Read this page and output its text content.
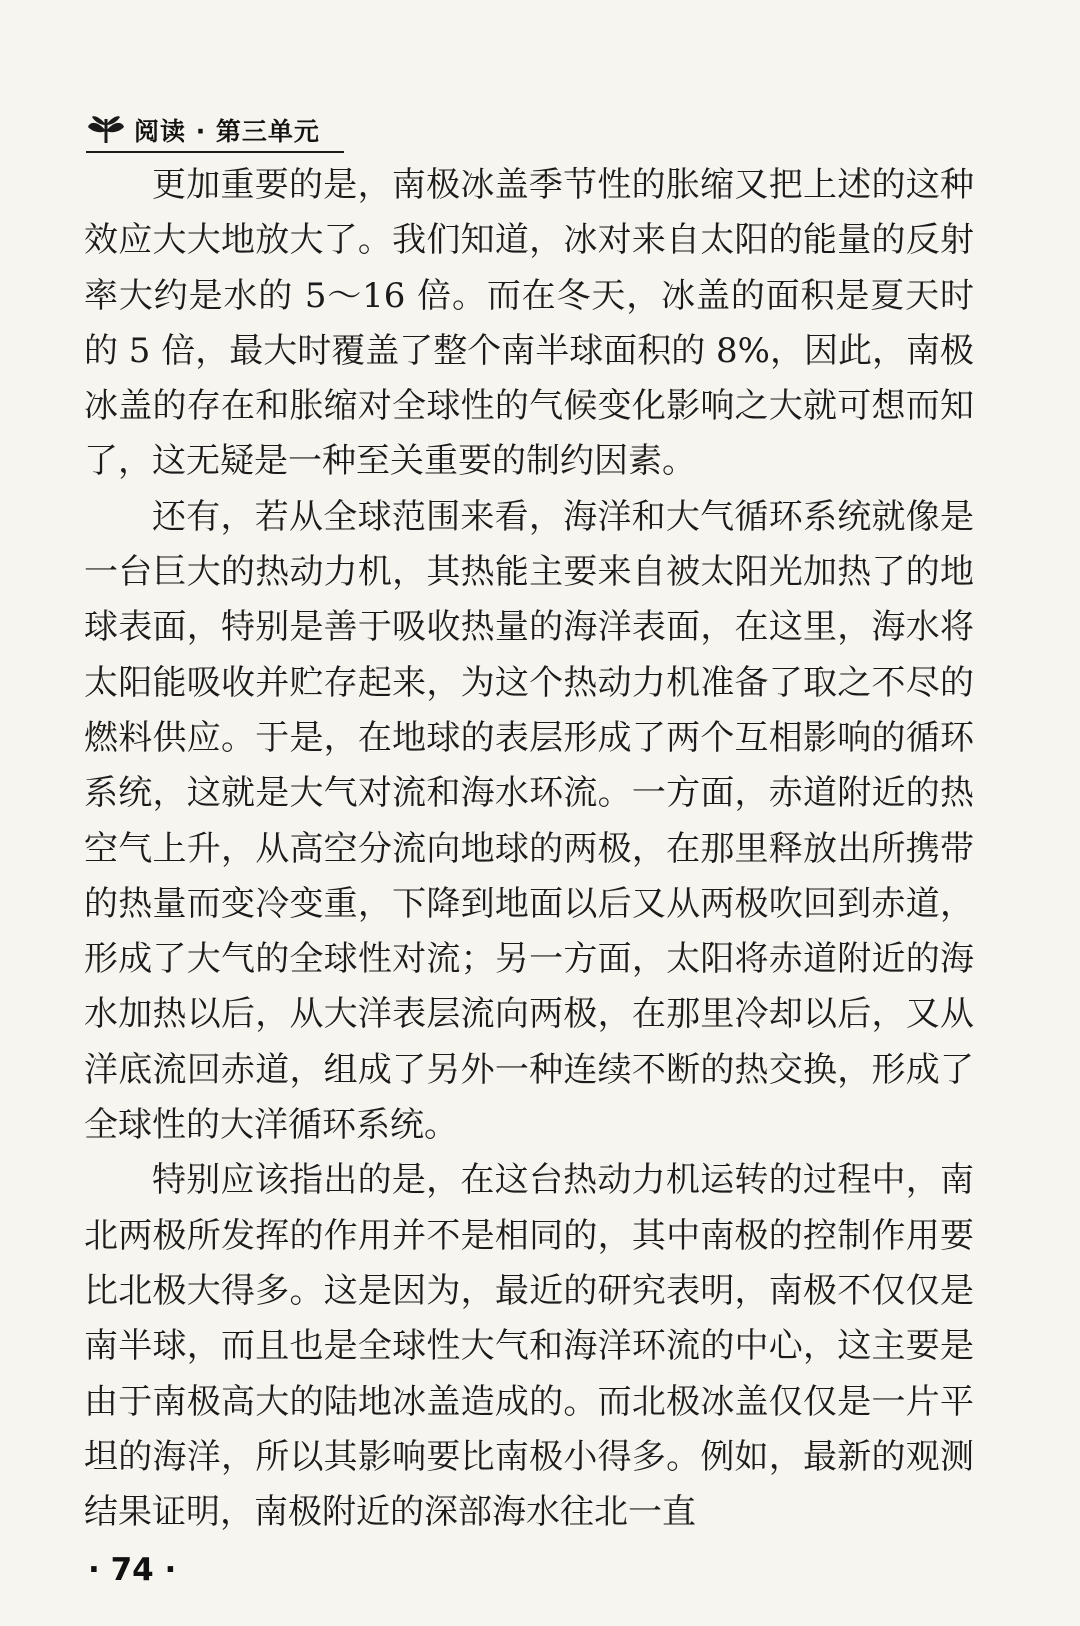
阅读 · 第三单元

更加重要的是，南极冰盖季节性的胀缩又把上述的这种效应大大地放大了。我们知道，冰对来自太阳的能量的反射率大约是水的 5～16 倍。而在冬天，冰盖的面积是夏天时的 5 倍，最大时覆盖了整个南半球面积的 8%，因此，南极冰盖的存在和胀缩对全球性的气候变化影响之大就可想而知了，这无疑是一种至关重要的制约因素。

还有，若从全球范围来看，海洋和大气循环系统就像是一台巨大的热动力机，其热能主要来自被太阳光加热了的地球表面，特别是善于吸收热量的海洋表面，在这里，海水将太阳能吸收并贮存起来，为这个热动力机准备了取之不尽的燃料供应。于是，在地球的表层形成了两个互相影响的循环系统，这就是大气对流和海水环流。一方面，赤道附近的热空气上升，从高空分流向地球的两极，在那里释放出所携带的热量而变冷变重，下降到地面以后又从两极吹回到赤道，形成了大气的全球性对流；另一方面，太阳将赤道附近的海水加热以后，从大洋表层流向两极，在那里冷却以后，又从洋底流回赤道，组成了另外一种连续不断的热交换，形成了全球性的大洋循环系统。

特别应该指出的是，在这台热动力机运转的过程中，南北两极所发挥的作用并不是相同的，其中南极的控制作用要比北极大得多。这是因为，最近的研究表明，南极不仅仅是南半球，而且也是全球性大气和海洋环流的中心，这主要是由于南极高大的陆地冰盖造成的。而北极冰盖仅仅是一片平坦的海洋，所以其影响要比南极小得多。例如，最新的观测结果证明，南极附近的深部海水往北一直

· 74 ·
